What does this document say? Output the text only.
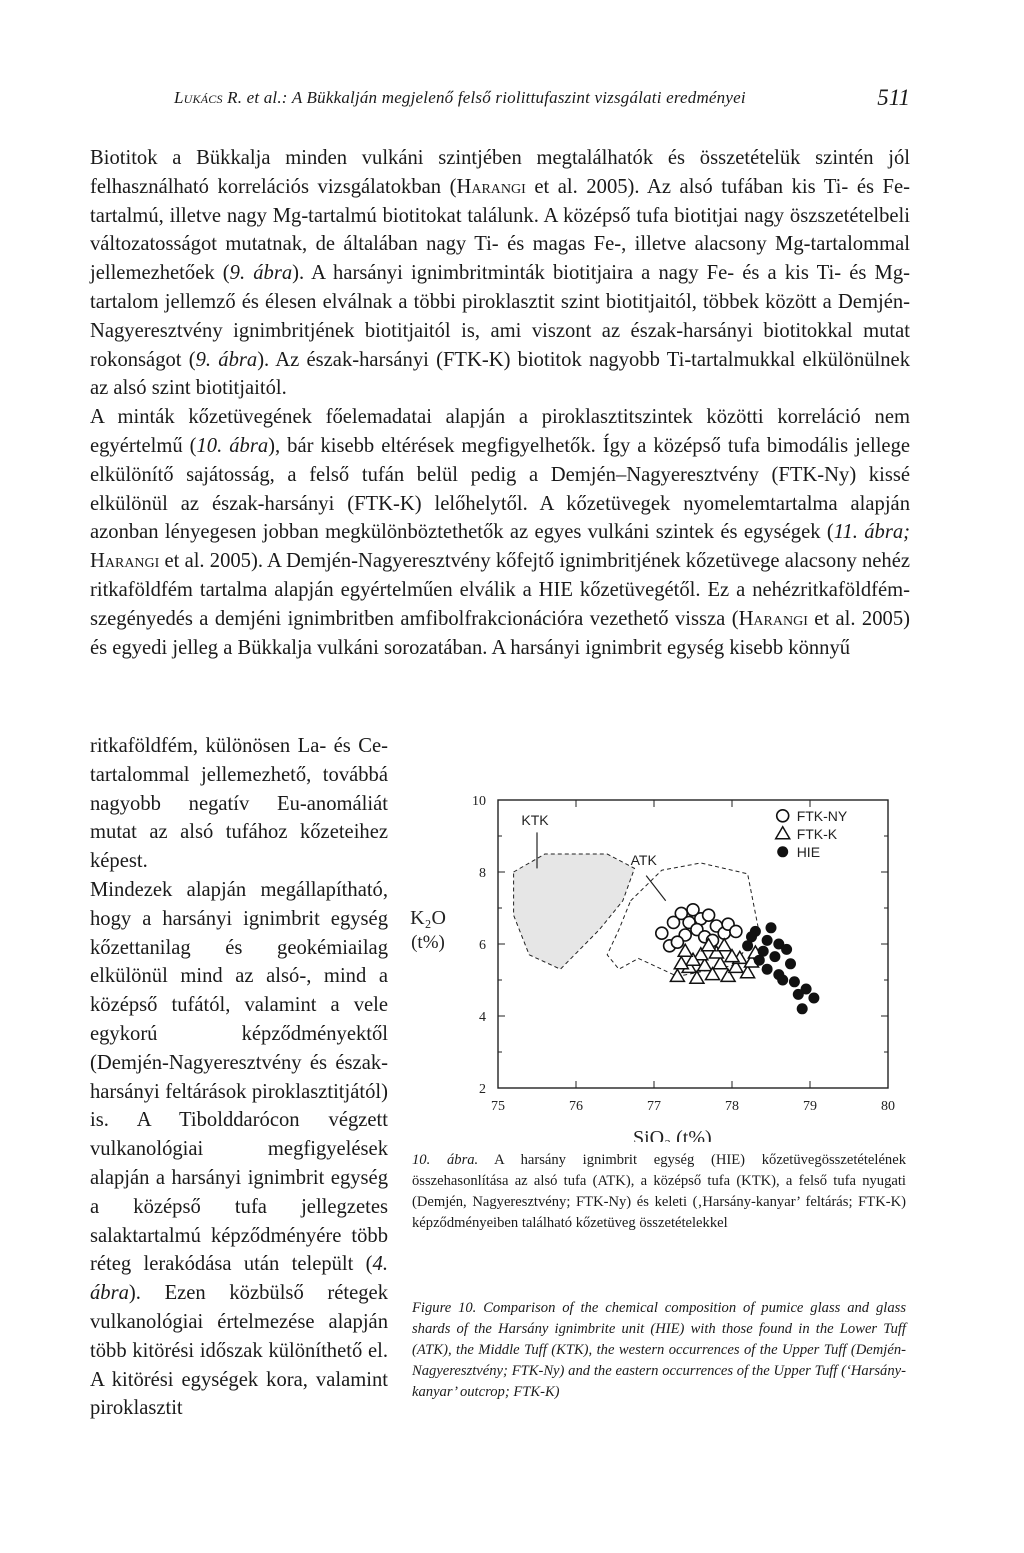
Lukács R. et al.: A Bükkalján megjelenő felső riolittufaszint vizsgálati eredményei	511

Biotitok a Bükkalja minden vulkáni szintjében megtalálhatók és összetételük szintén jól felhasználható korrelációs vizsgálatokban (Harangi et al. 2005). Az alsó tufában kis Ti- és Fe-tartalmú, illetve nagy Mg-tartalmú biotitokat találunk. A középső tufa biotitjai nagy öszszetételbeli változatosságot mutatnak, de általában nagy Ti- és magas Fe-, illetve alacsony Mg-tartalommal jellemezhetőek (9. ábra). A harsányi ignimbritminták biotitjaira a nagy Fe- és a kis Ti- és Mg-tartalom jellemző és élesen elválnak a többi piroklasztit szint biotitjaitól, többek között a Demjén-Nagyeresztvény ignimbritjének biotitjaitól is, ami viszont az észak-harsányi biotitokkal mutat rokonságot (9. ábra). Az észak-harsányi (FTK-K) biotitok nagyobb Ti-tartalmukkal elkülönülnek az alsó szint biotitjaitól.

A minták kőzetüvegének főelemadatai alapján a piroklasztitszintek közötti korreláció nem egyértelmű (10. ábra), bár kisebb eltérések megfigyelhetők. Így a középső tufa bimodális jellege elkülönítő sajátosság, a felső tufán belül pedig a Demjén–Nagyeresztvény (FTK-Ny) kissé elkülönül az észak-harsányi (FTK-K) lelőhelytől. A kőzetüvegek nyomelemtartalma alapján azonban lényegesen jobban megkülönböztethetők az egyes vulkáni szintek és egységek (11. ábra; Harangi et al. 2005). A Demjén-Nagyeresztvény kőfejtő ignimbritjének kőzetüvege alacsony nehéz ritkaföldfém tartalma alapján egyértelműen elválik a HIE kőzetüvegétől. Ez a nehézritkaföldfém-szegényedés a demjéni ignimbritben amfibolfrakcionációra vezethető vissza (Harangi et al. 2005) és egyedi jelleg a Bükkalja vulkáni sorozatában. A harsányi ignimbrit egység kisebb könnyű

ritkaföldfém, különösen La- és Ce-tartalommal jellemezhető, továbbá nagyobb negatív Eu-anomáliát mutat az alsó tufához kőzeteihez képest.

Mindezek alapján megállapítható, hogy a harsányi ignimbrit egység kőzettanilag és geokémiailag elkülönül mind az alsó-, mind a középső tufától, valamint a vele egykorú képződményektől (Demjén-Nagyeresztvény és észak-harsányi feltárások piroklasztitjától) is. A Tibolddarócon végzett vulkanológiai megfigyelések alapján a harsányi ignimbrit egység a középső tufa jellegzetes salaktartalmú képződményére több réteg lerakódása után települt (4. ábra). Ezen közbülső rétegek vulkanológiai értelmezése alapján több kitörési időszak különíthető el. A kitörési egységek kora, valamint piroklasztit

75	76	77	78	79	80
2
4
6
8
10
SiO₂ (t%)
K₂O
(t%)
KTK
ATK
FTK-NY
FTK-K
HIE
10. ábra. A harsány ignimbrit egység (HIE) kőzetüvegösszetételének összehasonlítása az alsó tufa (ATK), a középső tufa (KTK), a felső tufa nyugati (Demjén, Nagyeresztvény; FTK-Ny) és keleti (‚Harsány-kanyar’ feltárás; FTK-K) képződményeiben található kőzetüveg összetételekkel
Figure 10. Comparison of the chemical composition of pumice glass and glass shards of the Harsány ignimbrite unit (HIE) with those found in the Lower Tuff (ATK), the Middle Tuff (KTK), the western occurrences of the Upper Tuff (Demjén-Nagyeresztvény; FTK-Ny) and the eastern occurrences of the Upper Tuff (‘Harsány-kanyar’ outcrop; FTK-K)
